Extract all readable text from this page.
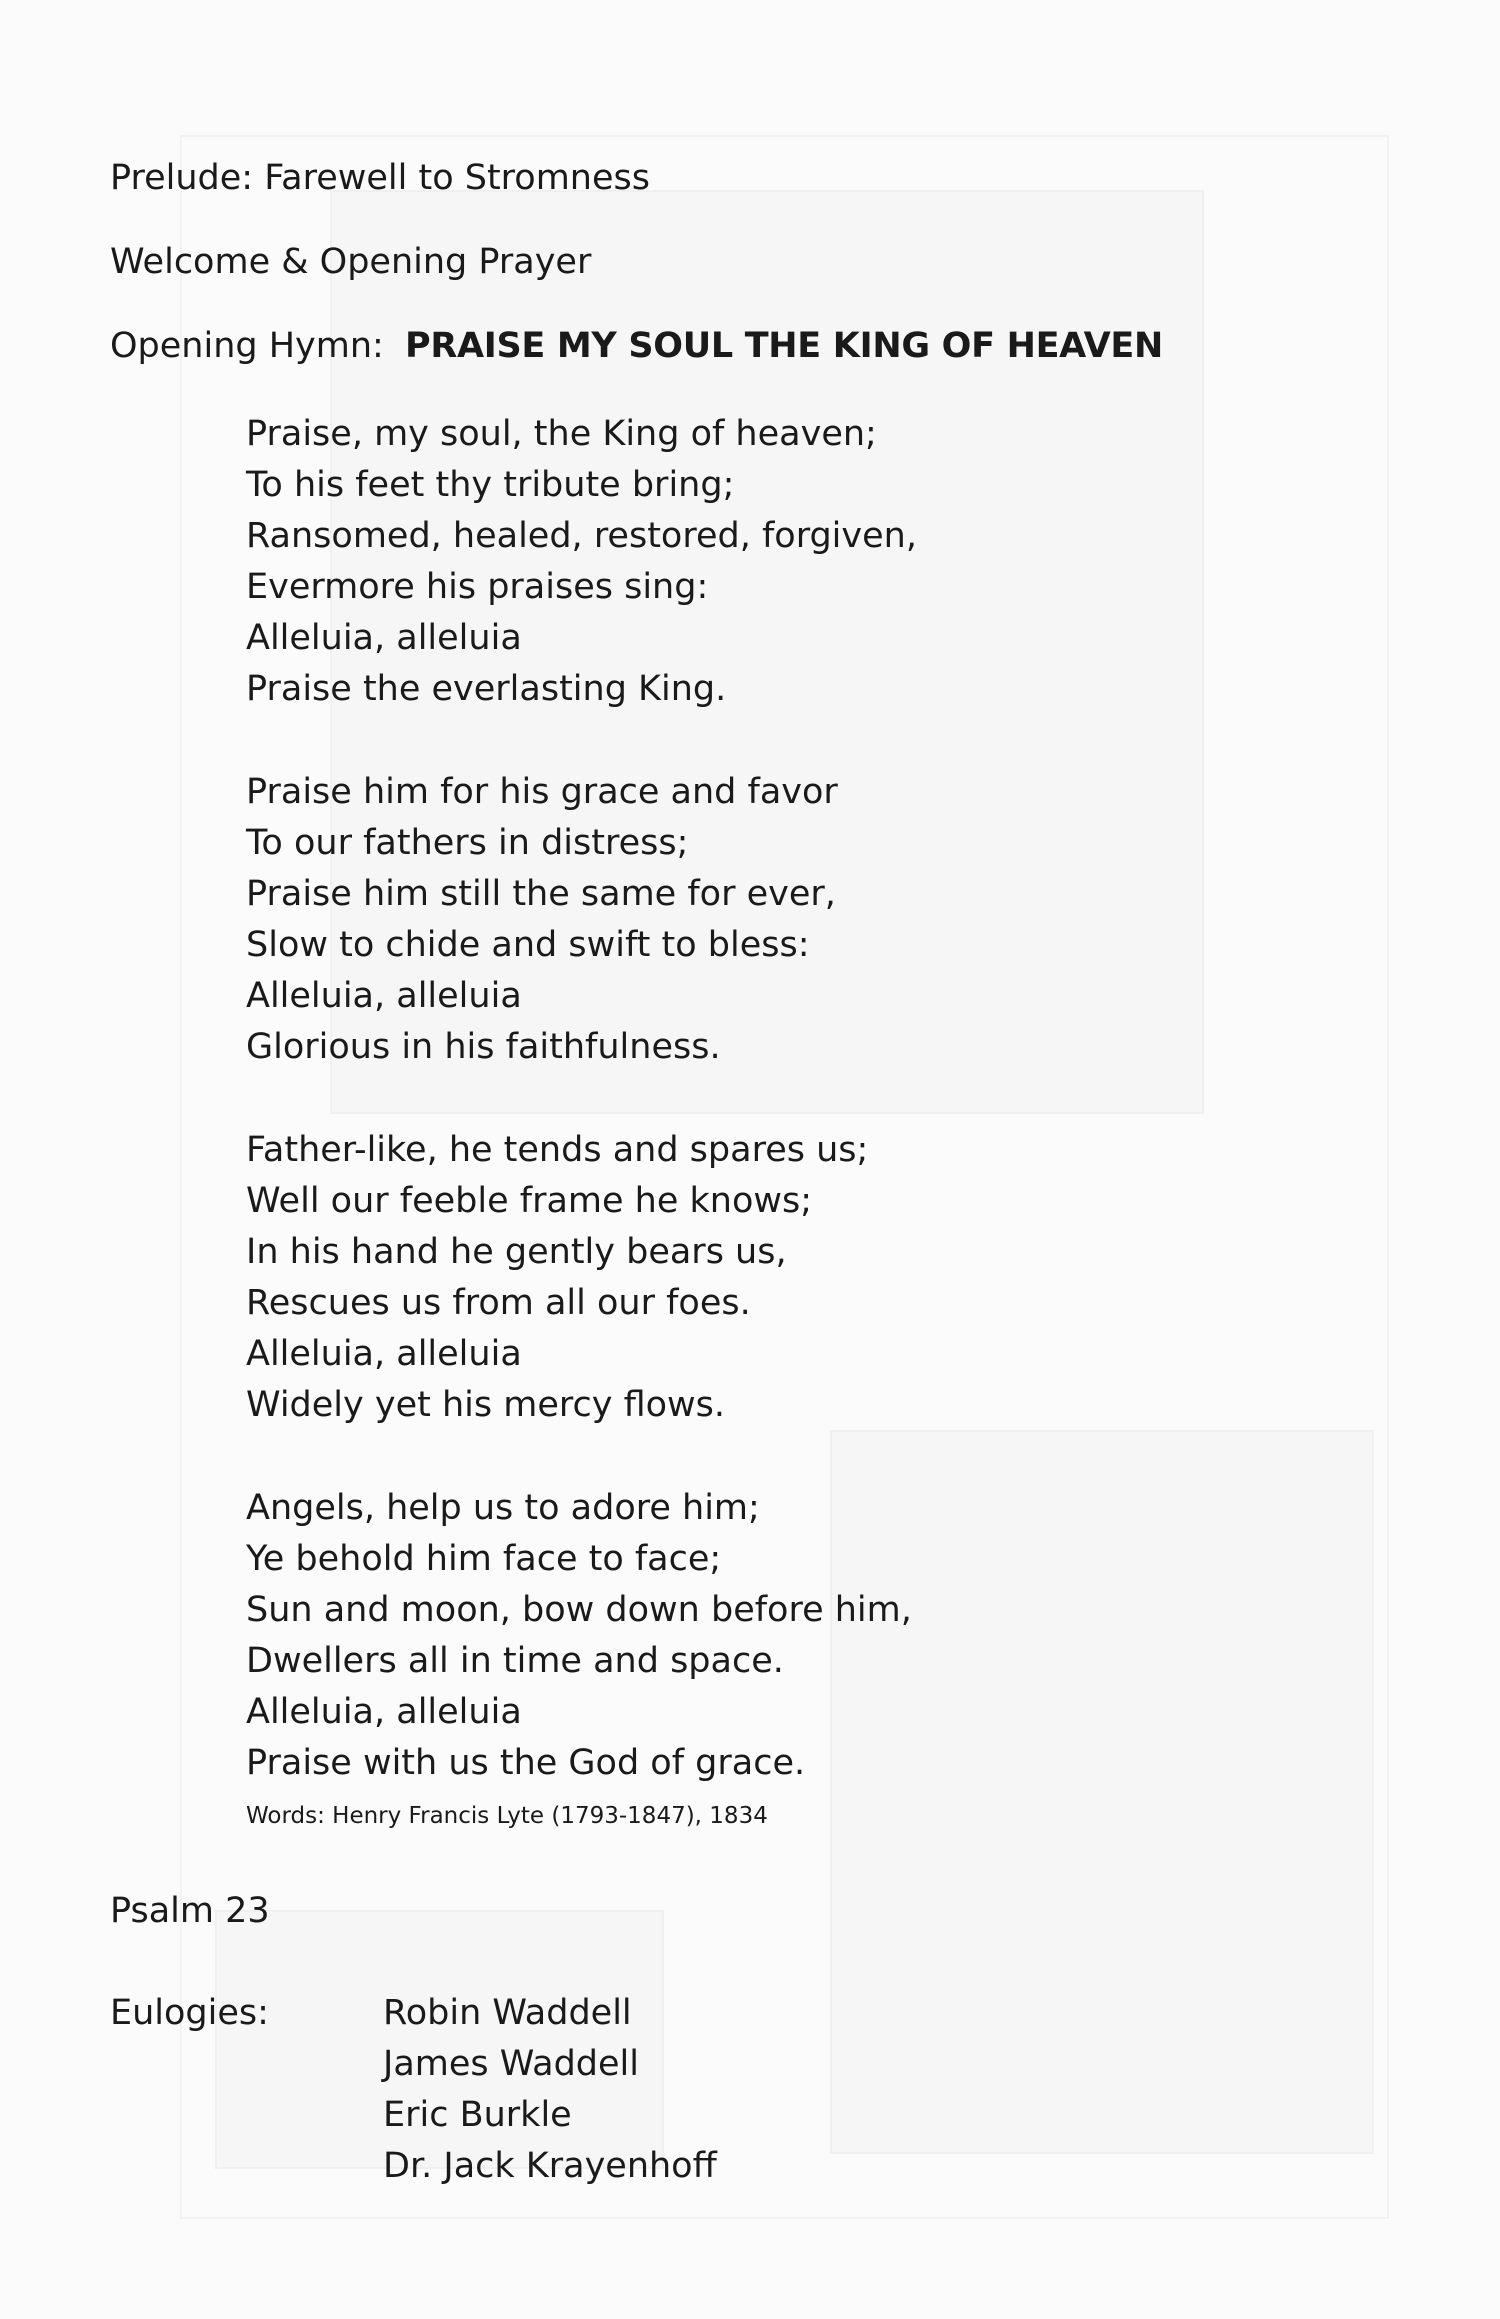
Prelude: Farewell to Stromness
Welcome & Opening Prayer
Opening Hymn: PRAISE MY SOUL THE KING OF HEAVEN
Praise, my soul, the King of heaven;
To his feet thy tribute bring;
Ransomed, healed, restored, forgiven,
Evermore his praises sing:
Alleluia, alleluia
Praise the everlasting King.
Praise him for his grace and favor
To our fathers in distress;
Praise him still the same for ever,
Slow to chide and swift to bless:
Alleluia, alleluia
Glorious in his faithfulness.
Father-like, he tends and spares us;
Well our feeble frame he knows;
In his hand he gently bears us,
Rescues us from all our foes.
Alleluia, alleluia
Widely yet his mercy flows.
Angels, help us to adore him;
Ye behold him face to face;
Sun and moon, bow down before him,
Dwellers all in time and space.
Alleluia, alleluia
Praise with us the God of grace.
Words: Henry Francis Lyte (1793-1847), 1834
Psalm 23
Eulogies:	Robin Waddell
James Waddell
Eric Burkle
Dr. Jack Krayenhoff
